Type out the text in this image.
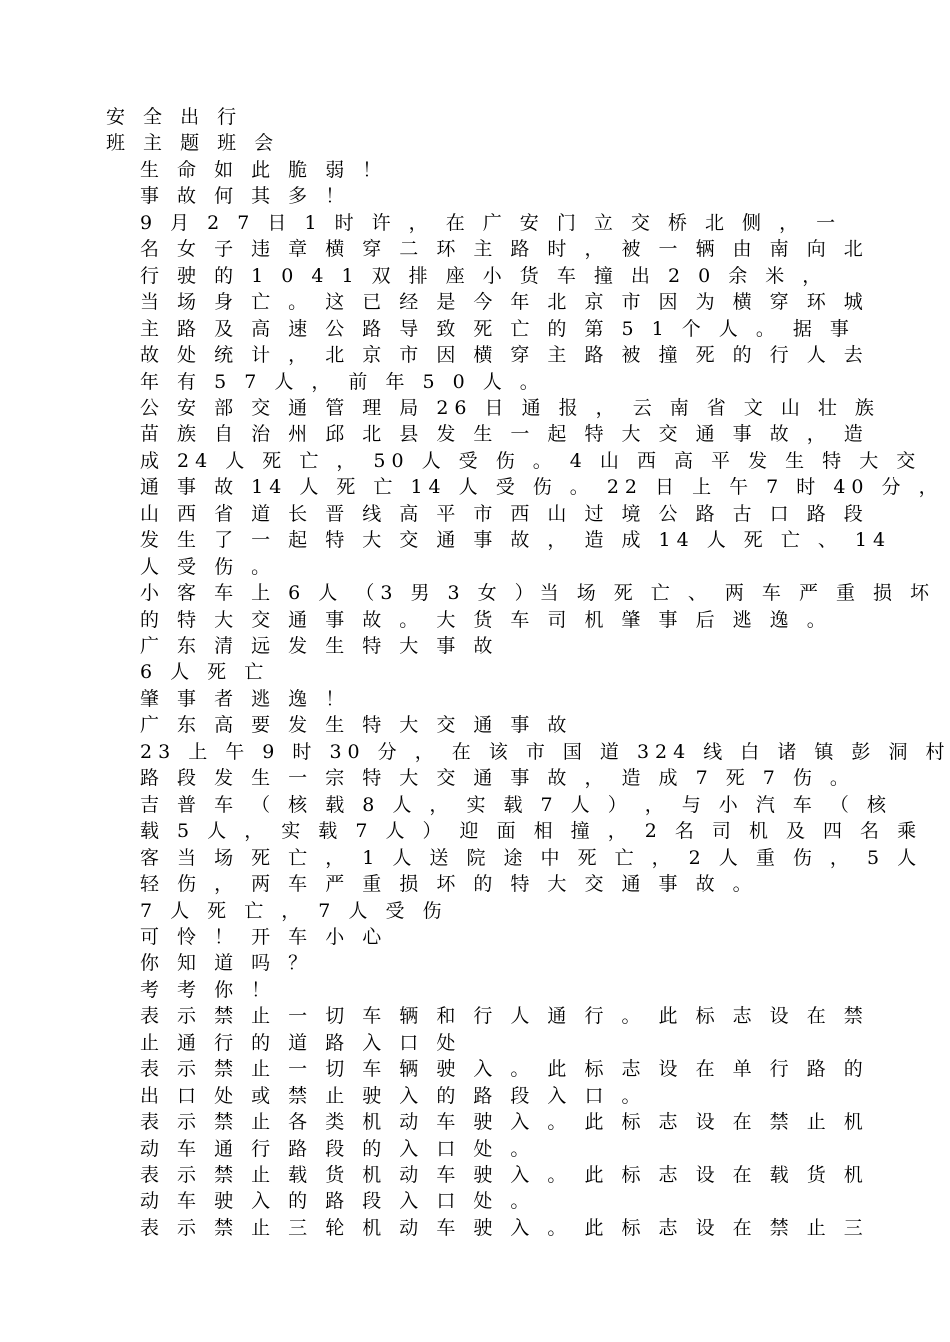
安 全 出 行
班 主 题 班 会
生 命 如 此 脆 弱 ！
事 故 何 其 多 ！
9 月 2 7 日 1 时 许 ， 在 广 安 门 立 交 桥 北 侧 ， 一
名 女 子 违 章 横 穿 二 环 主 路 时 ， 被 一 辆 由 南 向 北
行 驶 的 1 0 4 1 双 排 座 小 货 车 撞 出 2 0 余 米 ，
当 场 身 亡 。 这 已 经 是 今 年 北 京 市 因 为 横 穿 环 城
主 路 及 高 速 公 路 导 致 死 亡 的 第 5 1 个 人 。 据 事
故 处 统 计 ， 北 京 市 因 横 穿 主 路 被 撞 死 的 行 人 去
年 有 5 7 人 ， 前 年 5 0 人 。
公 安 部 交 通 管 理 局 26 日 通 报 ， 云 南 省 文 山 壮 族
苗 族 自 治 州 邱 北 县 发 生 一 起 特 大 交 通 事 故 ， 造
成 24 人 死 亡 ， 50 人 受 伤 。 4 山 西 高 平 发 生 特 大 交
通 事 故 14 人 死 亡 14 人 受 伤 。 22 日 上 午 7 时 40 分 ，
山 西 省 道 长 晋 线 高 平 市 西 山 过 境 公 路 古 口 路 段
发 生 了 一 起 特 大 交 通 事 故 ， 造 成 14 人 死 亡 、 14
人 受 伤 。
小 客 车 上 6 人 （3 男 3 女 ）当 场 死 亡 、 两 车 严 重 损 坏
的 特 大 交 通 事 故 。 大 货 车 司 机 肇 事 后 逃 逸 。
广 东 清 远 发 生 特 大 事 故
6 人 死 亡
肇 事 者 逃 逸 ！
广 东 高 要 发 生 特 大 交 通 事 故
23 上 午 9 时 30 分 ， 在 该 市 国 道 324 线 白 诸 镇 彭 洞 村
路 段 发 生 一 宗 特 大 交 通 事 故 ， 造 成 7 死 7 伤 。
吉 普 车 （ 核 载 8 人 ， 实 载 7 人 ） ， 与 小 汽 车 （ 核
载 5 人 ， 实 载 7 人 ） 迎 面 相 撞 ， 2 名 司 机 及 四 名 乘
客 当 场 死 亡 ， 1 人 送 院 途 中 死 亡 ， 2 人 重 伤 ， 5 人
轻 伤 ， 两 车 严 重 损 坏 的 特 大 交 通 事 故 。
7 人 死 亡 ， 7 人 受 伤
可 怜 ！ 开 车 小 心
你 知 道 吗 ？
考 考 你 ！
表 示 禁 止 一 切 车 辆 和 行 人 通 行 。 此 标 志 设 在 禁
止 通 行 的 道 路 入 口 处
表 示 禁 止 一 切 车 辆 驶 入 。 此 标 志 设 在 单 行 路 的
出 口 处 或 禁 止 驶 入 的 路 段 入 口 。
表 示 禁 止 各 类 机 动 车 驶 入 。 此 标 志 设 在 禁 止 机
动 车 通 行 路 段 的 入 口 处 。
表 示 禁 止 载 货 机 动 车 驶 入 。 此 标 志 设 在 载 货 机
动 车 驶 入 的 路 段 入 口 处 。
表 示 禁 止 三 轮 机 动 车 驶 入 。 此 标 志 设 在 禁 止 三
